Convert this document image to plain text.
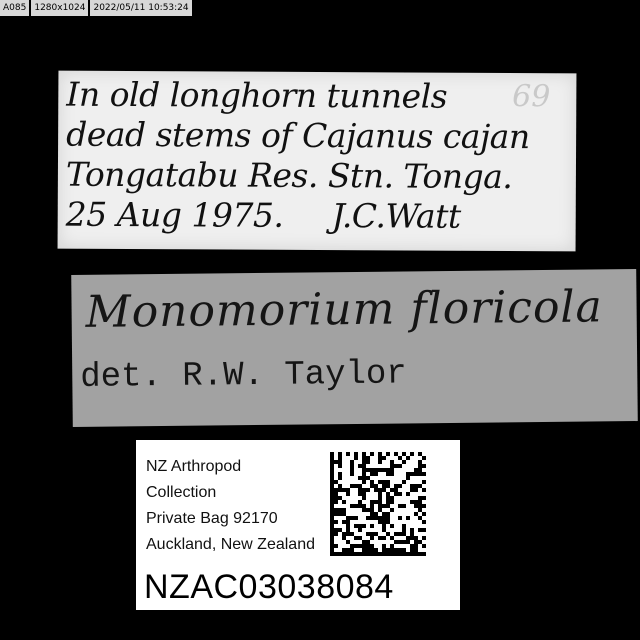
A085 1280x1024 2022/05/11 10:53:24
In old longhorn tunnels 69
dead stems of Cajanus cajan
Tongatabu Res. Stn. Tonga.
25 Aug 1975. J.C.Watt
Monomorium floricola
det. R.W. Taylor
NZ Arthropod
Collection
Private Bag 92170
Auckland, New Zealand
NZAC03038084
